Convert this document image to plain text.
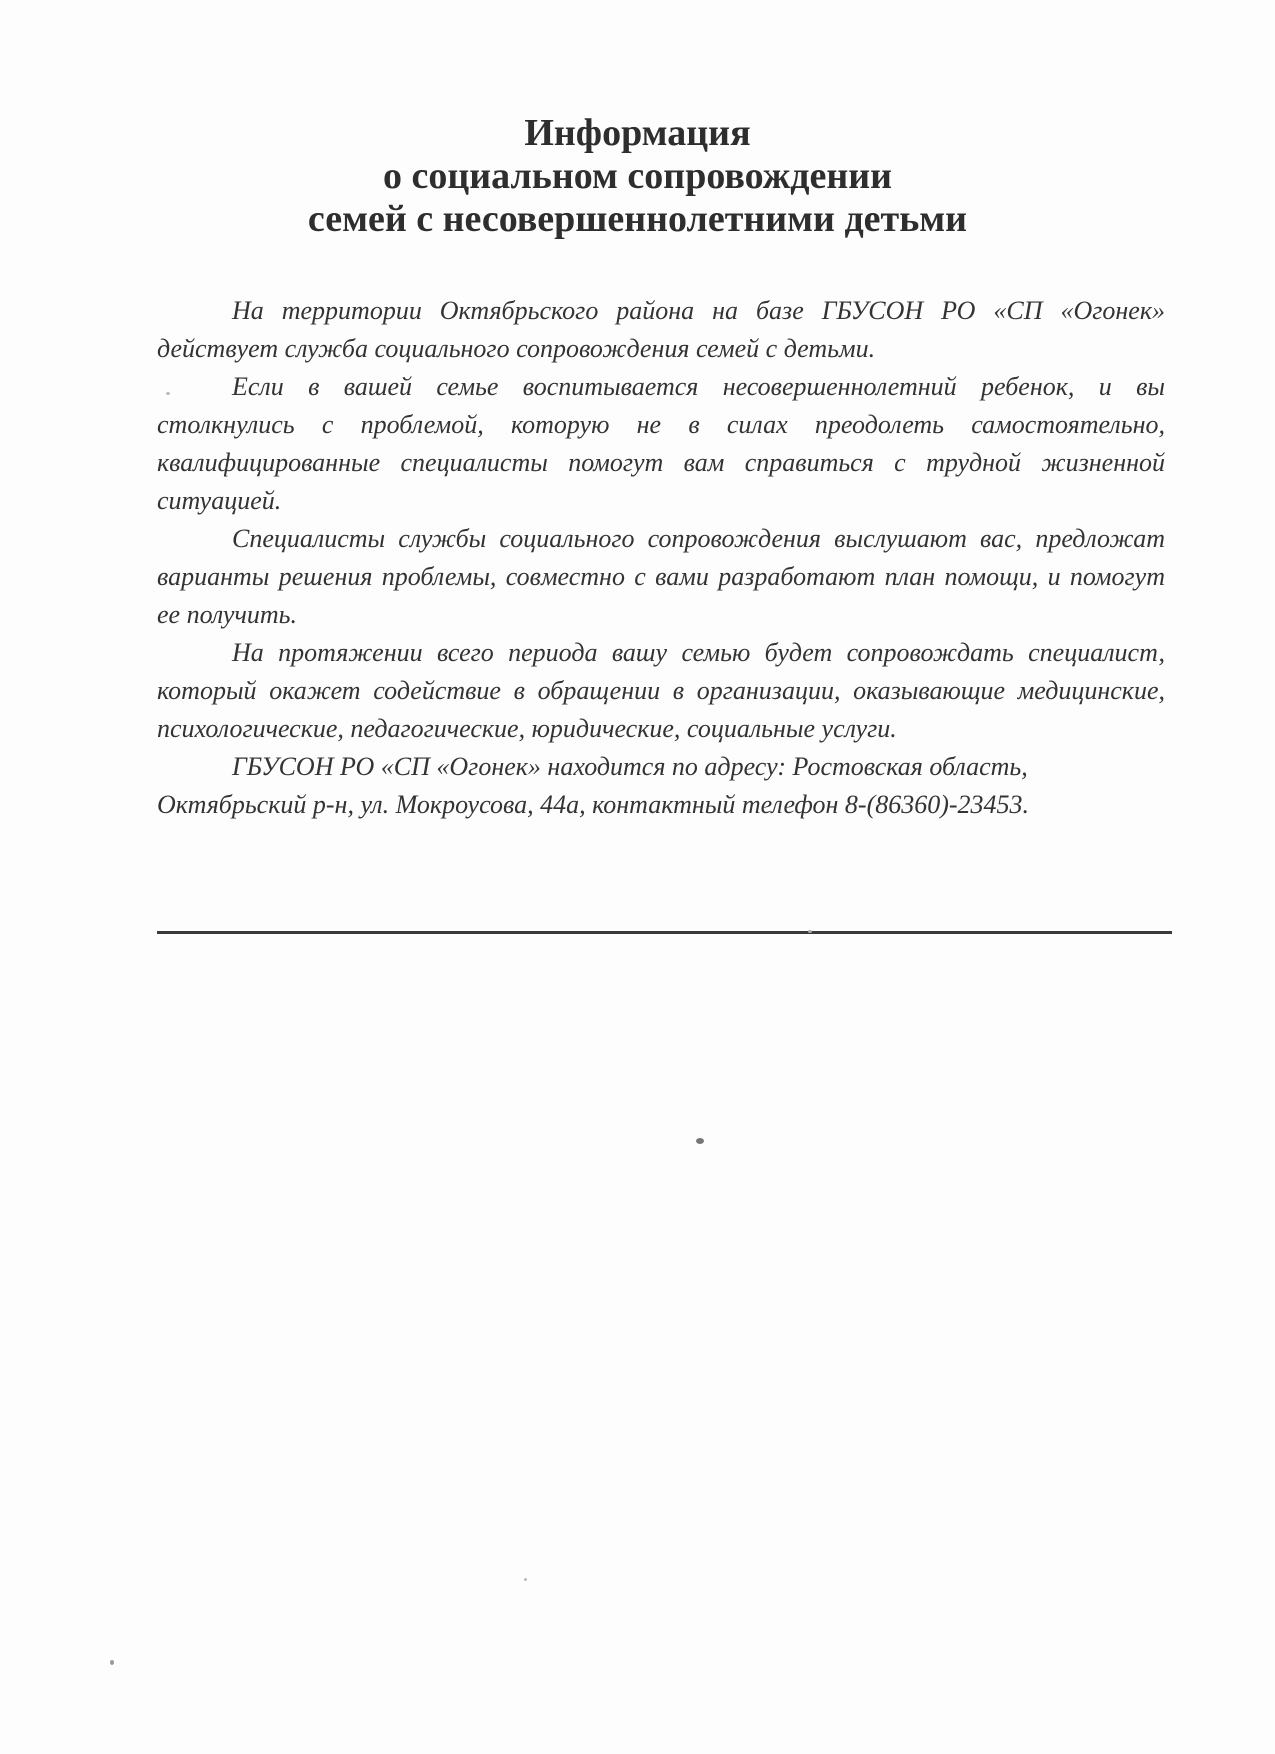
Информация
о социальном сопровождении
семей с несовершеннолетними детьми

На территории Октябрьского района на базе ГБУСОН РО «СП «Огонек» действует служба социального сопровождения семей с детьми.

Если в вашей семье воспитывается несовершеннолетний ребенок, и вы столкнулись с проблемой, которую не в силах преодолеть самостоятельно, квалифицированные специалисты помогут вам справиться с трудной жизненной ситуацией.

Специалисты службы социального сопровождения выслушают вас, предложат варианты решения проблемы, совместно с вами разработают план помощи, и помогут ее получить.

На протяжении всего периода вашу семью будет сопровождать специалист, который окажет содействие в обращении в организации, оказывающие медицинские, психологические, педагогические, юридические, социальные услуги.

ГБУСОН РО «СП «Огонек» находится по адресу: Ростовская область, Октябрьский р-н, ул. Мокроусова, 44а, контактный телефон 8-(86360)-23453.
